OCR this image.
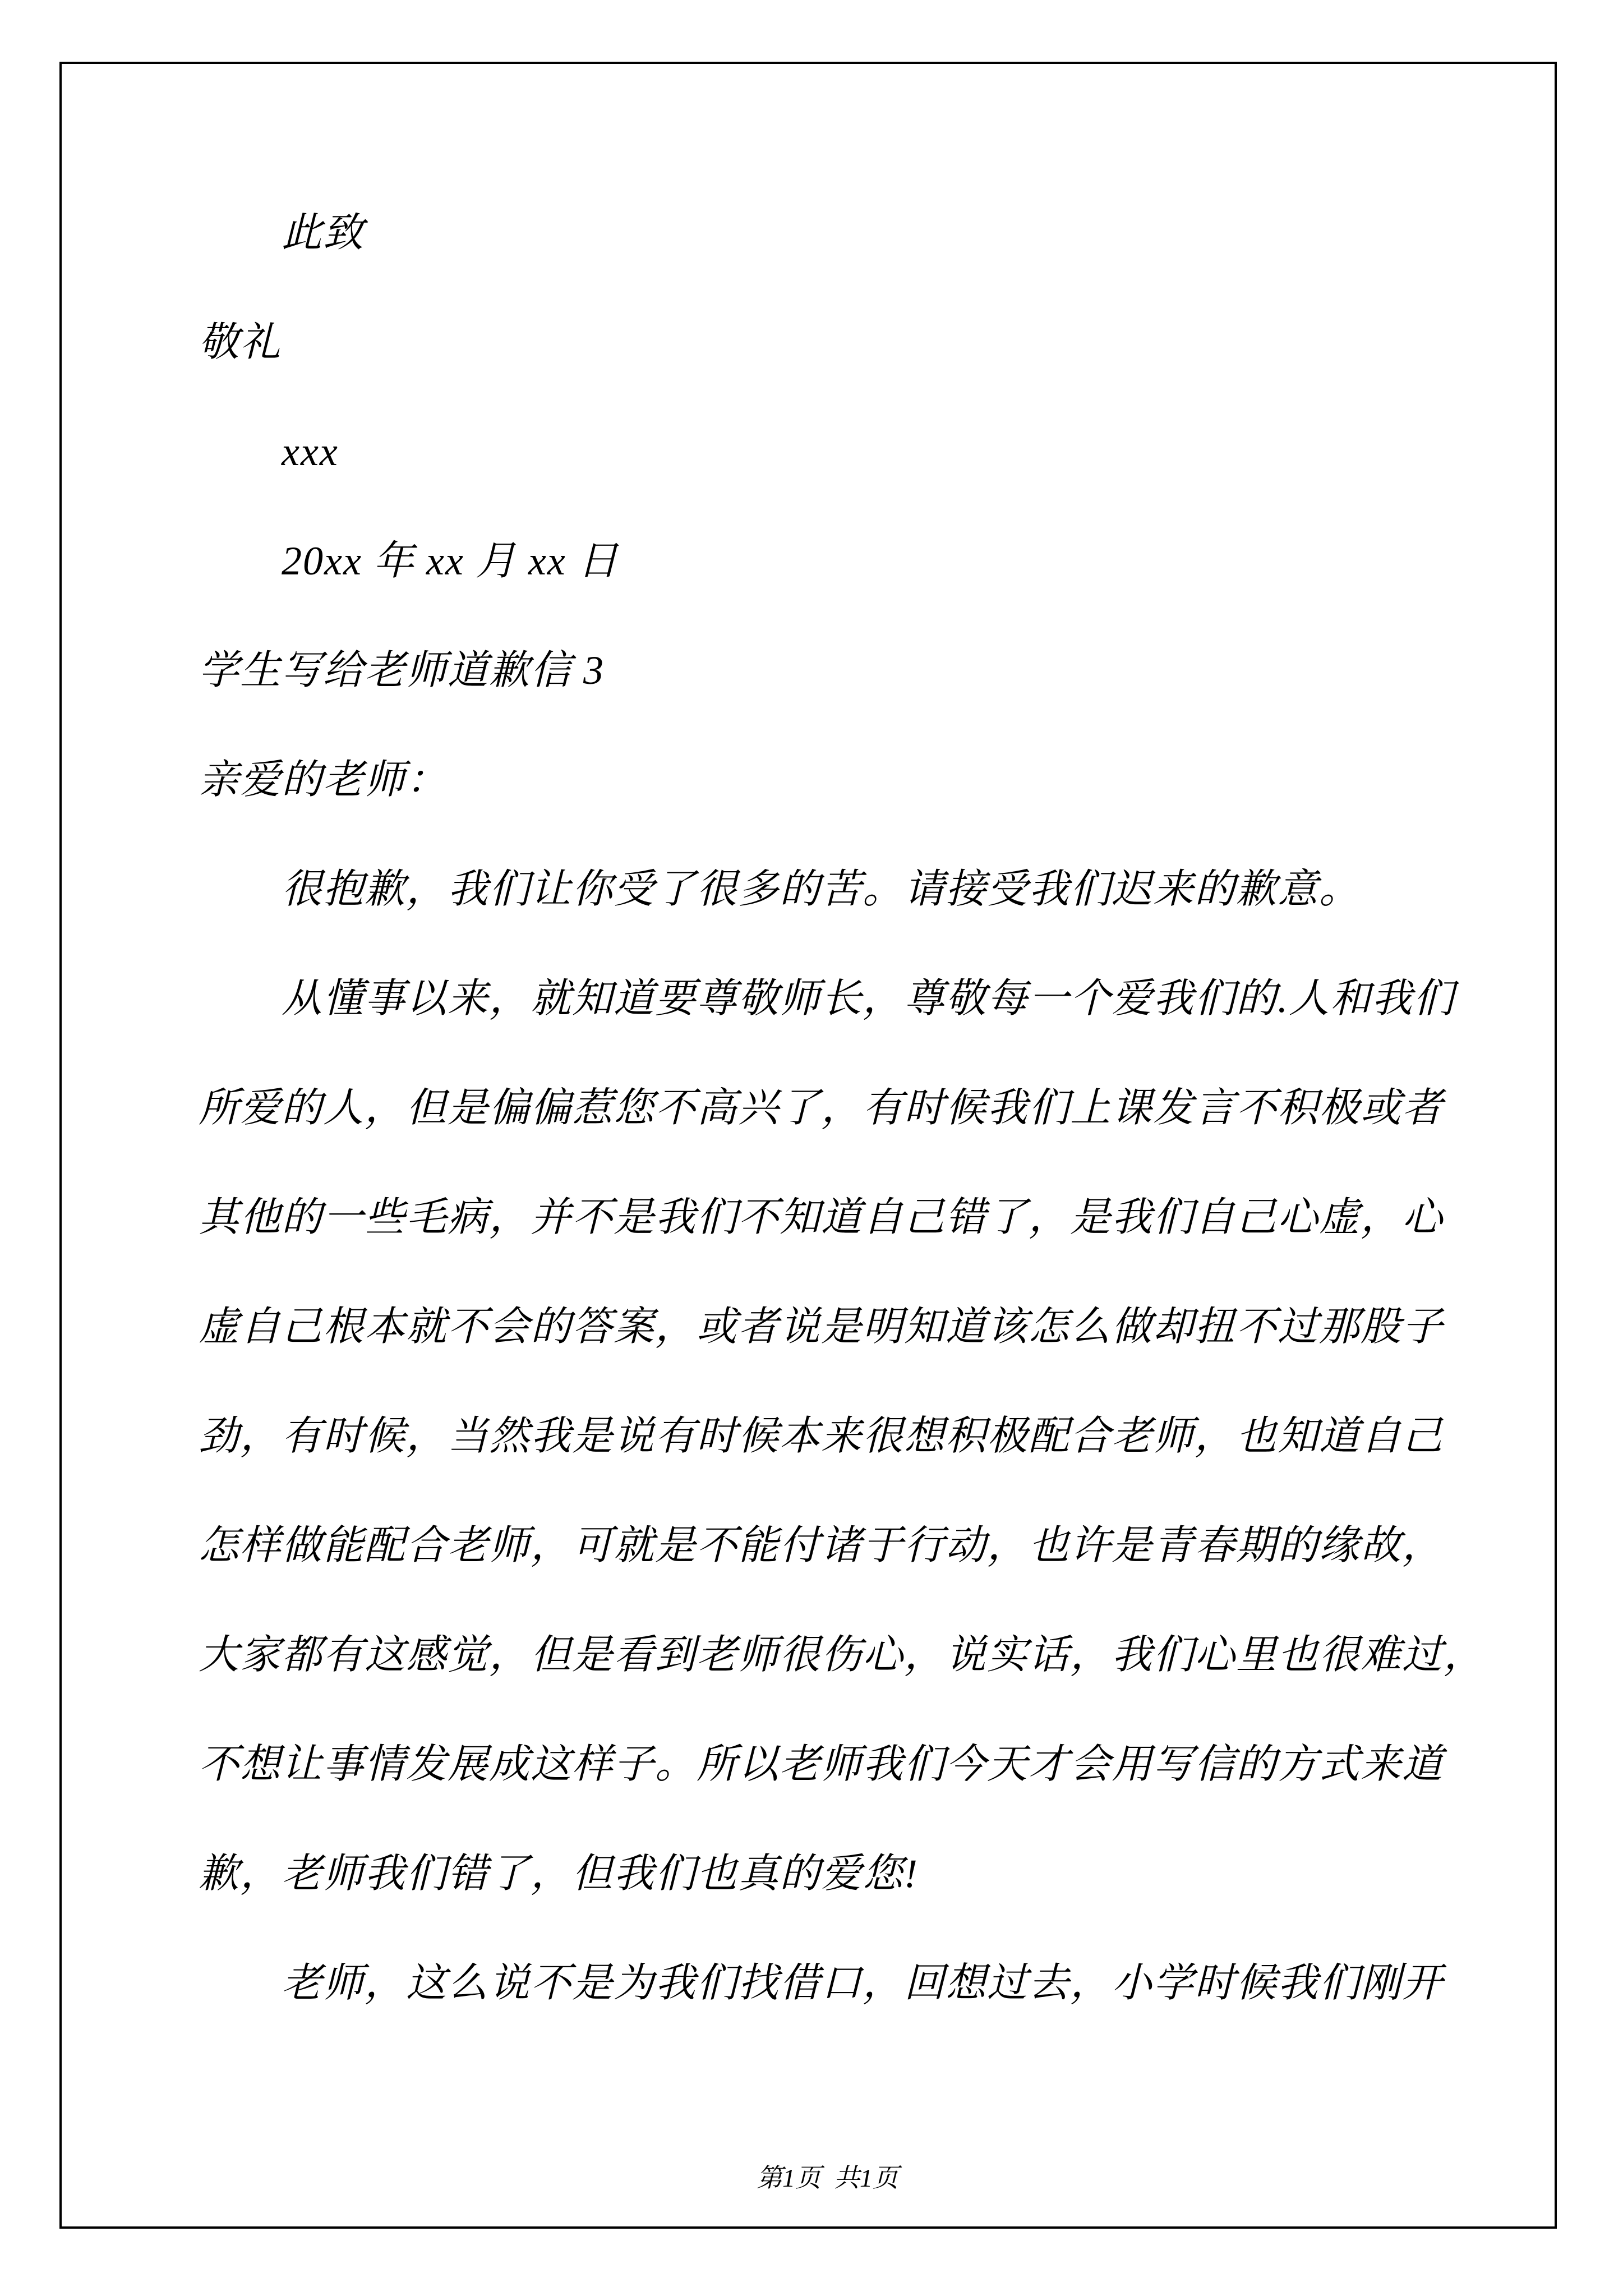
此致
敬礼
xxx
20xx 年 xx 月 xx 日
学生写给老师道歉信 3
亲爱的老师：
很抱歉，我们让你受了很多的苦。请接受我们迟来的歉意。
从懂事以来，就知道要尊敬师长，尊敬每一个爱我们的.人和我们
所爱的人，但是偏偏惹您不高兴了，有时候我们上课发言不积极或者
其他的一些毛病，并不是我们不知道自己错了，是我们自己心虚，心
虚自己根本就不会的答案，或者说是明知道该怎么做却扭不过那股子
劲，有时候，当然我是说有时候本来很想积极配合老师，也知道自己
怎样做能配合老师，可就是不能付诸于行动，也许是青春期的缘故，
大家都有这感觉，但是看到老师很伤心，说实话，我们心里也很难过，
不想让事情发展成这样子。所以老师我们今天才会用写信的方式来道
歉，老师我们错了，但我们也真的爱您!
老师，这么说不是为我们找借口，回想过去，小学时候我们刚开

第1页  共1页
